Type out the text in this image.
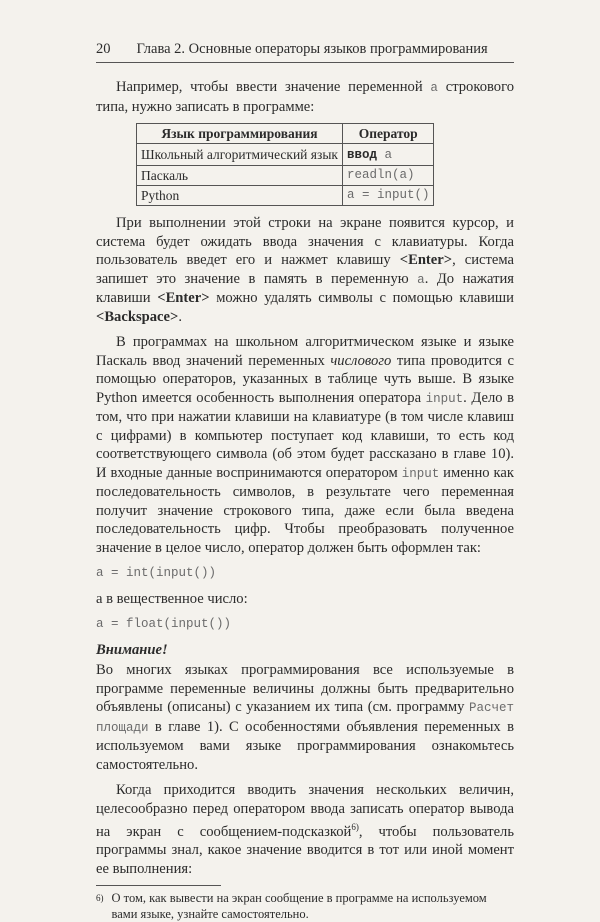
20 Глава 2. Основные операторы языков программирования

Например, чтобы ввести значение переменной a строкового типа, нужно записать в программе:

Язык программирования	Оператор
Школьный алгоритмический язык	ввод a
Паскаль	readln(a)
Python	a = input()

При выполнении этой строки на экране появится курсор, и система будет ожидать ввода значения с клавиатуры. Когда пользователь введет его и нажмет клавишу <Enter>, система запишет это значение в память в переменную a. До нажатия клавиши <Enter> можно удалять символы с помощью клавиши <Backspace>.

В программах на школьном алгоритмическом языке и языке Паскаль ввод значений переменных числового типа проводится с помощью операторов, указанных в таблице чуть выше. В языке Python имеется особенность выполнения оператора input. Дело в том, что при нажатии клавиши на клавиатуре (в том числе клавиш с цифрами) в компьютер поступает код клавиши, то есть код соответствующего символа (об этом будет рассказано в главе 10). И входные данные воспринимаются оператором input именно как последовательность символов, в результате чего переменная получит значение строкового типа, даже если была введена последовательность цифр. Чтобы преобразовать полученное значение в целое число, оператор должен быть оформлен так:

a = int(input())

а в вещественное число:

a = float(input())
Внимание!

Во многих языках программирования все используемые в программе переменные величины должны быть предварительно объявлены (описаны) с указанием их типа (см. программу Расчет площади в главе 1). С особенностями объявления переменных в используемом вами языке программирования ознакомьтесь самостоятельно.

Когда приходится вводить значения нескольких величин, целесообразно перед оператором ввода записать оператор вывода на экран с сообщением-подсказкой$^{6)}$, чтобы пользователь программы знал, какое значение вводится в тот или иной момент ее выполнения:

6) О том, как вывести на экран сообщение в программе на используемом вами языке, узнайте самостоятельно.
